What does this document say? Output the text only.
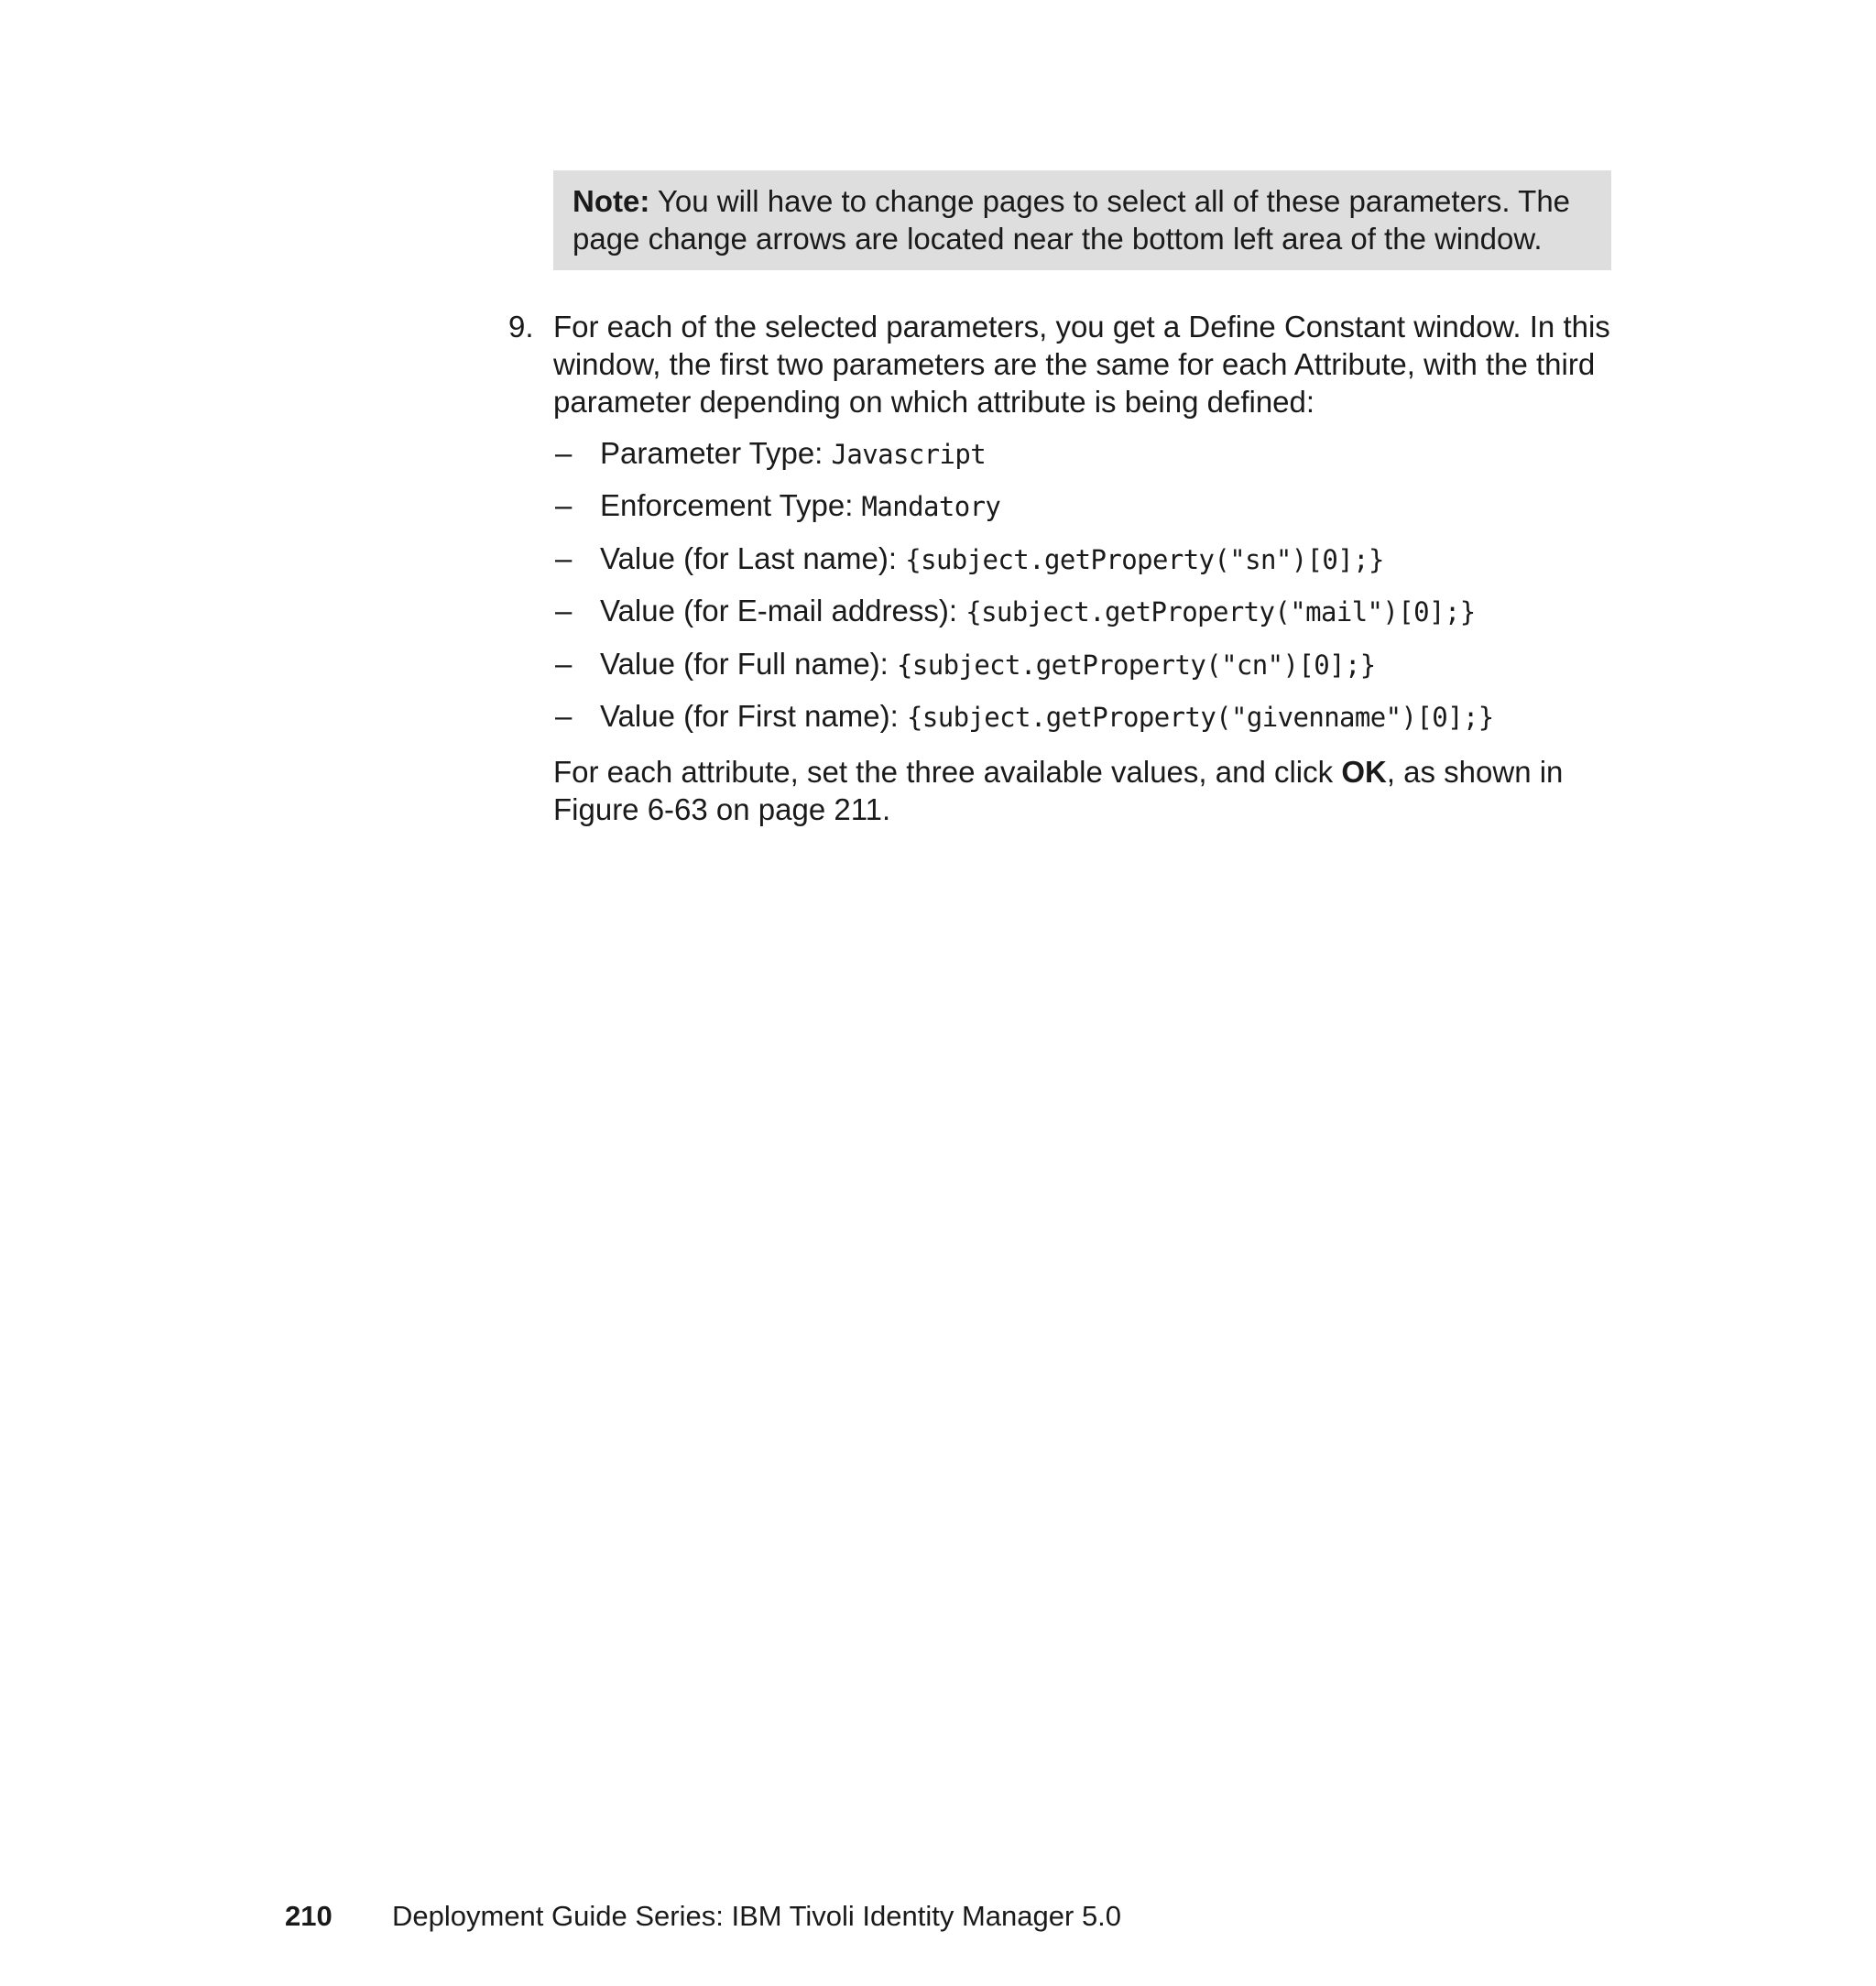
Note: You will have to change pages to select all of these parameters. The page change arrows are located near the bottom left area of the window.
9. For each of the selected parameters, you get a Define Constant window. In this window, the first two parameters are the same for each Attribute, with the third parameter depending on which attribute is being defined:
– Parameter Type: Javascript
– Enforcement Type: Mandatory
– Value (for Last name): {subject.getProperty("sn")[0];}
– Value (for E-mail address): {subject.getProperty("mail")[0];}
– Value (for Full name): {subject.getProperty("cn")[0];}
– Value (for First name): {subject.getProperty("givenname")[0];}
For each attribute, set the three available values, and click OK, as shown in Figure 6-63 on page 211.
210 Deployment Guide Series: IBM Tivoli Identity Manager 5.0
